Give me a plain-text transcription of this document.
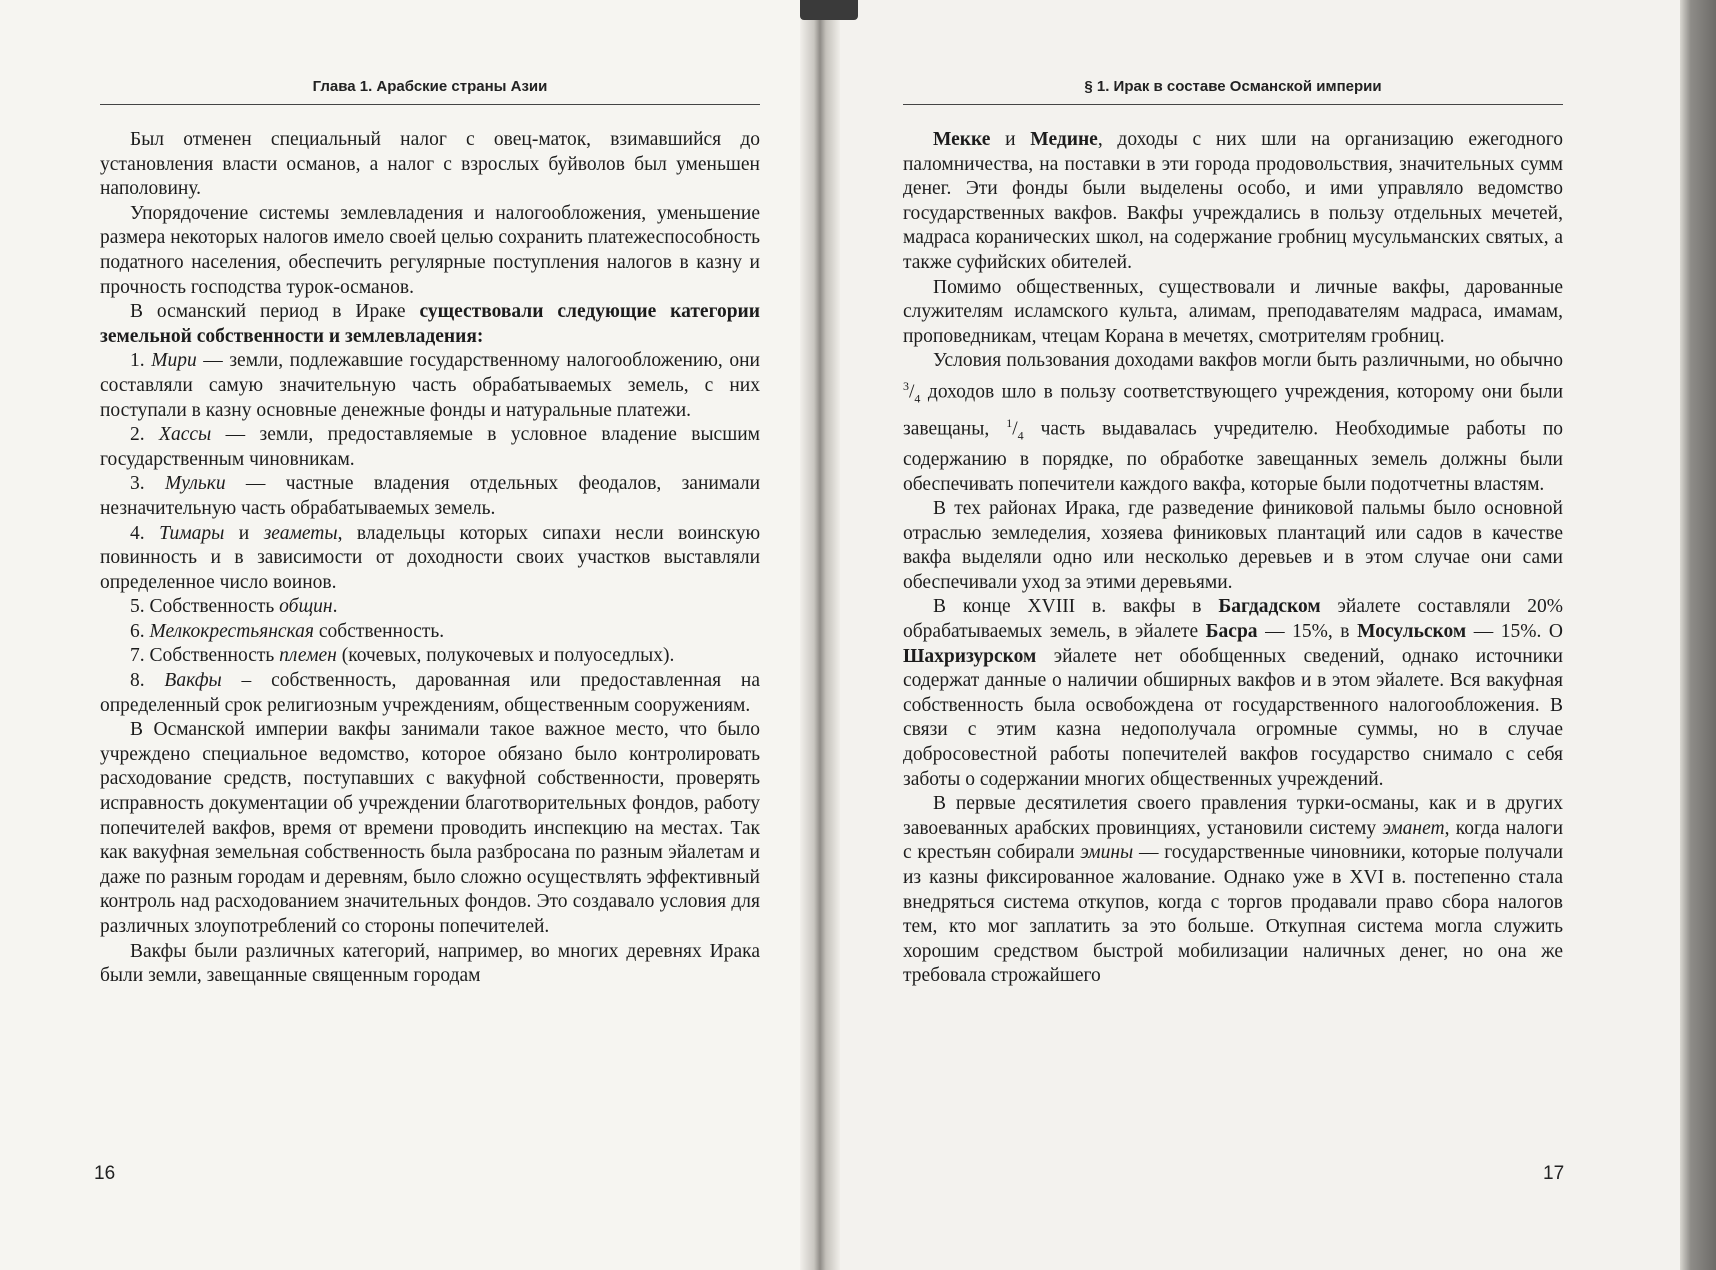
Глава 1. Арабские страны Азии	§ 1. Ирак в составе Османской империи

Был отменен специальный налог с овец-маток, взимавшийся до установления власти османов, а налог с взрослых буйволов был уменьшен наполовину.

Упорядочение системы землевладения и налогообложения, уменьшение размера некоторых налогов имело своей целью сохранить платежеспособность податного населения, обеспечить регулярные поступления налогов в казну и прочность господства турок-османов.

В османский период в Ираке существовали следующие категории земельной собственности и землевладения:

1. Мири — земли, подлежавшие государственному налогообложению, они составляли самую значительную часть обрабатываемых земель, с них поступали в казну основные денежные фонды и натуральные платежи.

2. Хассы — земли, предоставляемые в условное владение высшим государственным чиновникам.

3. Мульки — частные владения отдельных феодалов, занимали незначительную часть обрабатываемых земель.

4. Тимары и зеаметы, владельцы которых сипахи несли воинскую повинность и в зависимости от доходности своих участков выставляли определенное число воинов.

5. Собственность общин.

6. Мелкокрестьянская собственность.

7. Собственность племен (кочевых, полукочевых и полуоседлых).

8. Вакфы – собственность, дарованная или предоставленная на определенный срок религиозным учреждениям, общественным сооружениям.

В Османской империи вакфы занимали такое важное место, что было учреждено специальное ведомство, которое обязано было контролировать расходование средств, поступавших с вакуфной собственности, проверять исправность документации об учреждении благотворительных фондов, работу попечителей вакфов, время от времени проводить инспекцию на местах. Так как вакуфная земельная собственность была разбросана по разным эйалетам и даже по разным городам и деревням, было сложно осуществлять эффективный контроль над расходованием значительных фондов. Это создавало условия для различных злоупотреблений со стороны попечителей.

Вакфы были различных категорий, например, во многих деревнях Ирака были земли, завещанные священным городам

Мекке и Медине, доходы с них шли на организацию ежегодного паломничества, на поставки в эти города продовольствия, значительных сумм денег. Эти фонды были выделены особо, и ими управляло ведомство государственных вакфов. Вакфы учреждались в пользу отдельных мечетей, мадраса коранических школ, на содержание гробниц мусульманских святых, а также суфийских обителей.

Помимо общественных, существовали и личные вакфы, дарованные служителям исламского культа, алимам, преподавателям мадраса, имамам, проповедникам, чтецам Корана в мечетях, смотрителям гробниц.

Условия пользования доходами вакфов могли быть различными, но обычно $^3/_4$ доходов шло в пользу соответствующего учреждения, которому они были завещаны, $^1/_4$ часть выдавалась учредителю. Необходимые работы по содержанию в порядке, по обработке завещанных земель должны были обеспечивать попечители каждого вакфа, которые были подотчетны властям.

В тех районах Ирака, где разведение финиковой пальмы было основной отраслью земледелия, хозяева финиковых плантаций или садов в качестве вакфа выделяли одно или несколько деревьев и в этом случае они сами обеспечивали уход за этими деревьями.

В конце XVIII в. вакфы в Багдадском эйалете составляли 20% обрабатываемых земель, в эйалете Басра — 15%, в Мосульском — 15%. О Шахризурском эйалете нет обобщенных сведений, однако источники содержат данные о наличии обширных вакфов и в этом эйалете. Вся вакуфная собственность была освобождена от государственного налогообложения. В связи с этим казна недополучала огромные суммы, но в случае добросовестной работы попечителей вакфов государство снимало с себя заботы о содержании многих общественных учреждений.

В первые десятилетия своего правления турки-османы, как и в других завоеванных арабских провинциях, установили систему эманет, когда налоги с крестьян собирали эмины — государственные чиновники, которые получали из казны фиксированное жалование. Однако уже в XVI в. постепенно стала внедряться система откупов, когда с торгов продавали право сбора налогов тем, кто мог заплатить за это больше. Откупная система могла служить хорошим средством быстрой мобилизации наличных денег, но она же требовала строжайшего

16	17
